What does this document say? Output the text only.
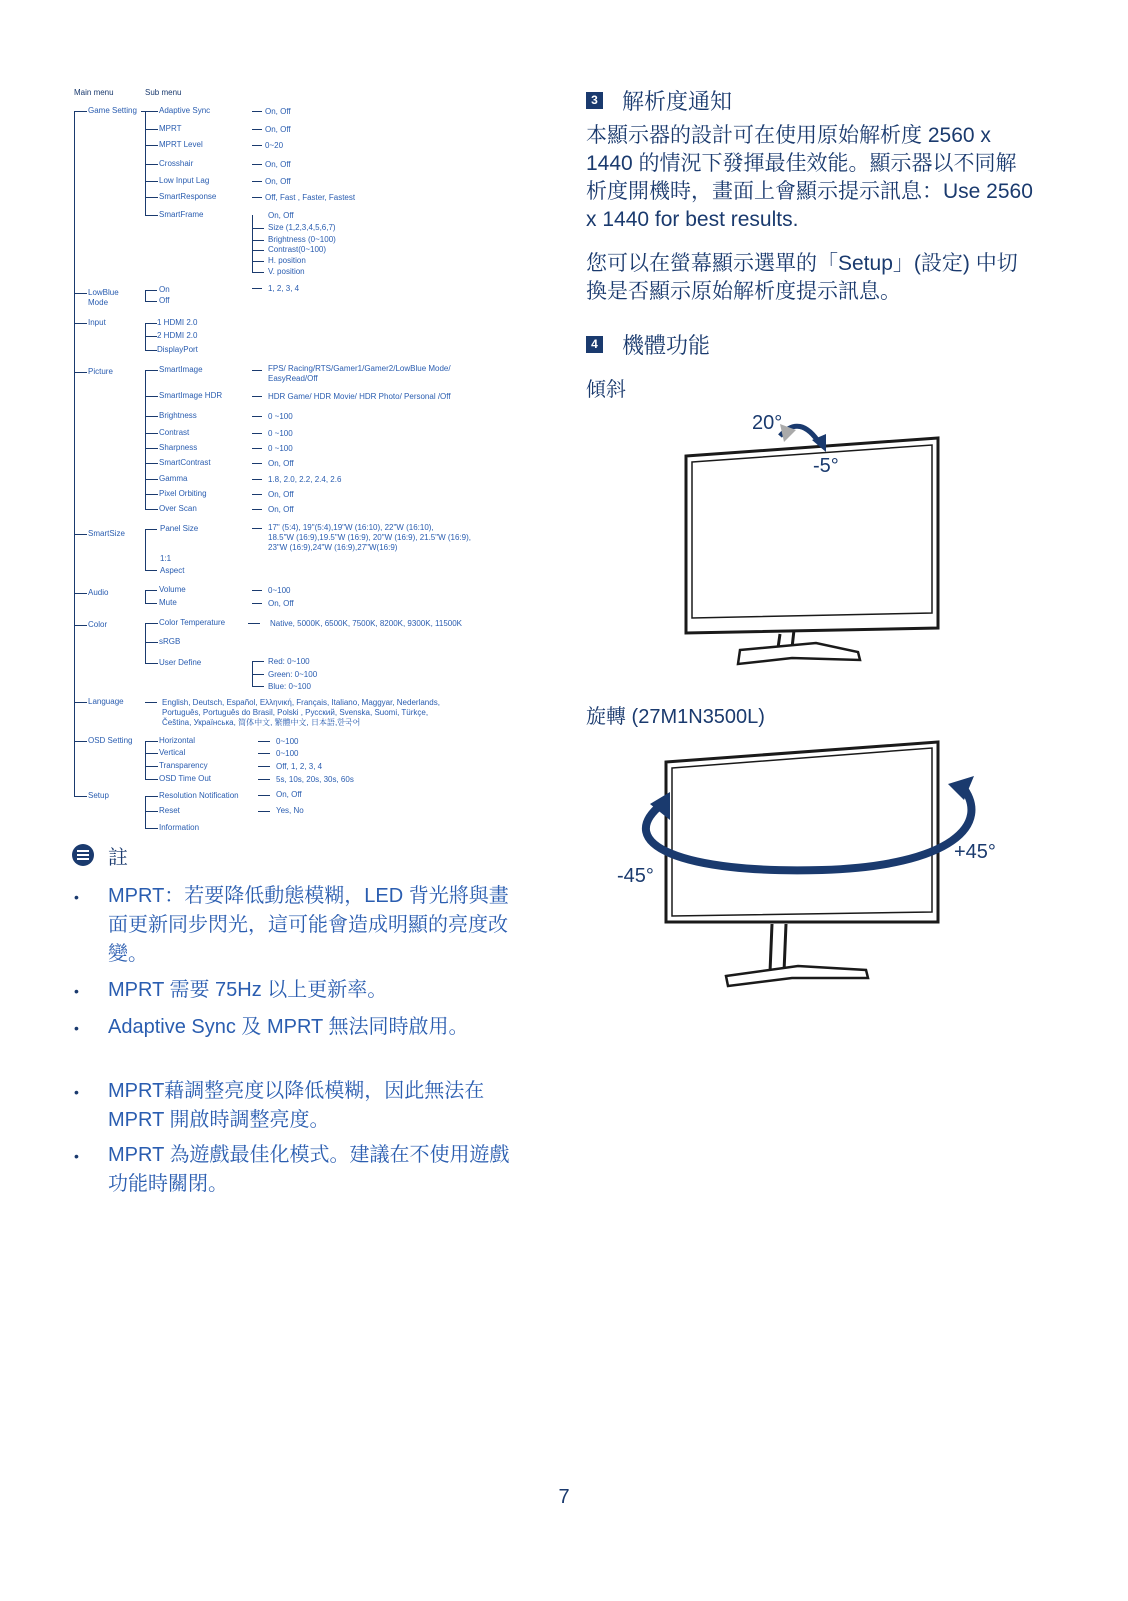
Main menu	Sub menu
Game Setting
LowBlue
Mode
Input
Picture
SmartSize
Audio
Color
Language
OSD Setting
Setup
Adaptive Sync
MPRT
MPRT Level
Crosshair
Low Input Lag
SmartResponse
SmartFrame
On, Off
On, Off
0~20
On, Off
On, Off
Off, Fast , Faster, Fastest
On, Off
Size (1,2,3,4,5,6,7)
Brightness (0~100)
Contrast(0~100)
H. position
V. position
On
Off
1, 2, 3, 4
1 HDMI 2.0
2 HDMI 2.0
DisplayPort
SmartImage
SmartImage HDR
Brightness
Contrast
Sharpness
SmartContrast
Gamma
Pixel Orbiting
Over Scan
FPS/ Racing/RTS/Gamer1/Gamer2/LowBlue Mode/
EasyRead/Off
HDR Game/ HDR Movie/ HDR Photo/ Personal /Off
0 ~100
0 ~100
0 ~100
On, Off
1.8, 2.0, 2.2, 2.4, 2.6
On, Off
On, Off
Panel Size
1:1
Aspect
17" (5:4), 19"(5:4),19"W (16:10), 22"W (16:10),
18.5"W (16:9),19.5"W (16:9), 20"W (16:9), 21.5"W (16:9),
23"W (16:9),24"W (16:9),27"W(16:9)
Volume
Mute
0~100
On, Off
Color Temperature
sRGB
User Define
Native, 5000K, 6500K, 7500K, 8200K, 9300K, 11500K
Red: 0~100
Green: 0~100
Blue: 0~100
English, Deutsch, Español, Ελληνική, Français, Italiano, Maggyar, Nederlands,
Português, Português do Brasil, Polski , Русский, Svenska, Suomi, Türkçe,
Čeština, Українська, 简体中文, 繁體中文, 日本語,한국어
Horizontal
Vertical
Transparency
OSD Time Out
0~100
0~100
Off, 1, 2, 3, 4
5s, 10s, 20s, 30s, 60s
Resolution Notification
Reset
Information
On, Off
Yes, No
註
• MPRT：若要降低動態模糊，LED 背光將與畫面更新同步閃光，這可能會造成明顯的亮度改變。
• MPRT 需要 75Hz 以上更新率。
• Adaptive Sync 及 MPRT 無法同時啟用。
• MPRT藉調整亮度以降低模糊，因此無法在 MPRT 開啟時調整亮度。
• MPRT 為遊戲最佳化模式。建議在不使用遊戲功能時關閉。
3 解析度通知
本顯示器的設計可在使用原始解析度 2560 x 1440 的情況下發揮最佳效能。顯示器以不同解析度開機時，畫面上會顯示提示訊息：Use 2560 x 1440 for best results.
您可以在螢幕顯示選單的「Setup」(設定) 中切換是否顯示原始解析度提示訊息。
4 機體功能
傾斜
20°
-5°
旋轉 (27M1N3500L)
+45°
-45°
7
